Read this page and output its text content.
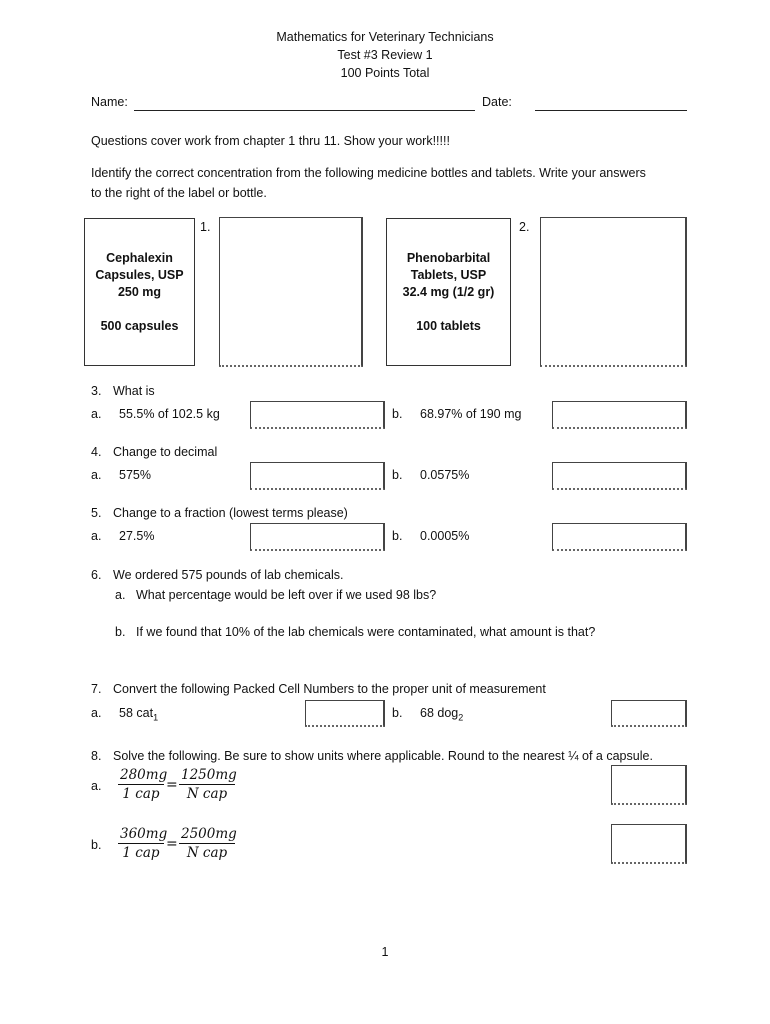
Mathematics for Veterinary Technicians
Test #3 Review 1
100 Points Total
Name:	Date:
Questions cover work from chapter 1 thru 11. Show your work!!!!!
Identify the correct concentration from the following medicine bottles and tablets. Write your answers
to the right of the label or bottle.
Cephalexin
Capsules, USP
250 mg
500 capsules
1.
Phenobarbital
Tablets, USP
32.4 mg (1/2 gr)
100 tablets
2.
3. What is
a. 55.5% of 102.5 kg	b. 68.97% of 190 mg
4. Change to decimal
a. 575%	b. 0.0575%
5. Change to a fraction (lowest terms please)
a. 27.5%	b. 0.0005%
6. We ordered 575 pounds of lab chemicals.
a. What percentage would be left over if we used 98 lbs?
b. If we found that 10% of the lab chemicals were contaminated, what amount is that?
7. Convert the following Packed Cell Numbers to the proper unit of measurement
a. 58 cat$_1$	b. 68 dog$_2$
8. Solve the following. Be sure to show units where applicable. Round to the nearest ¼ of a capsule.
a.
280mg
1 cap
=
1250mg
N cap
b.
360mg
1 cap
=
2500mg
N cap
1
